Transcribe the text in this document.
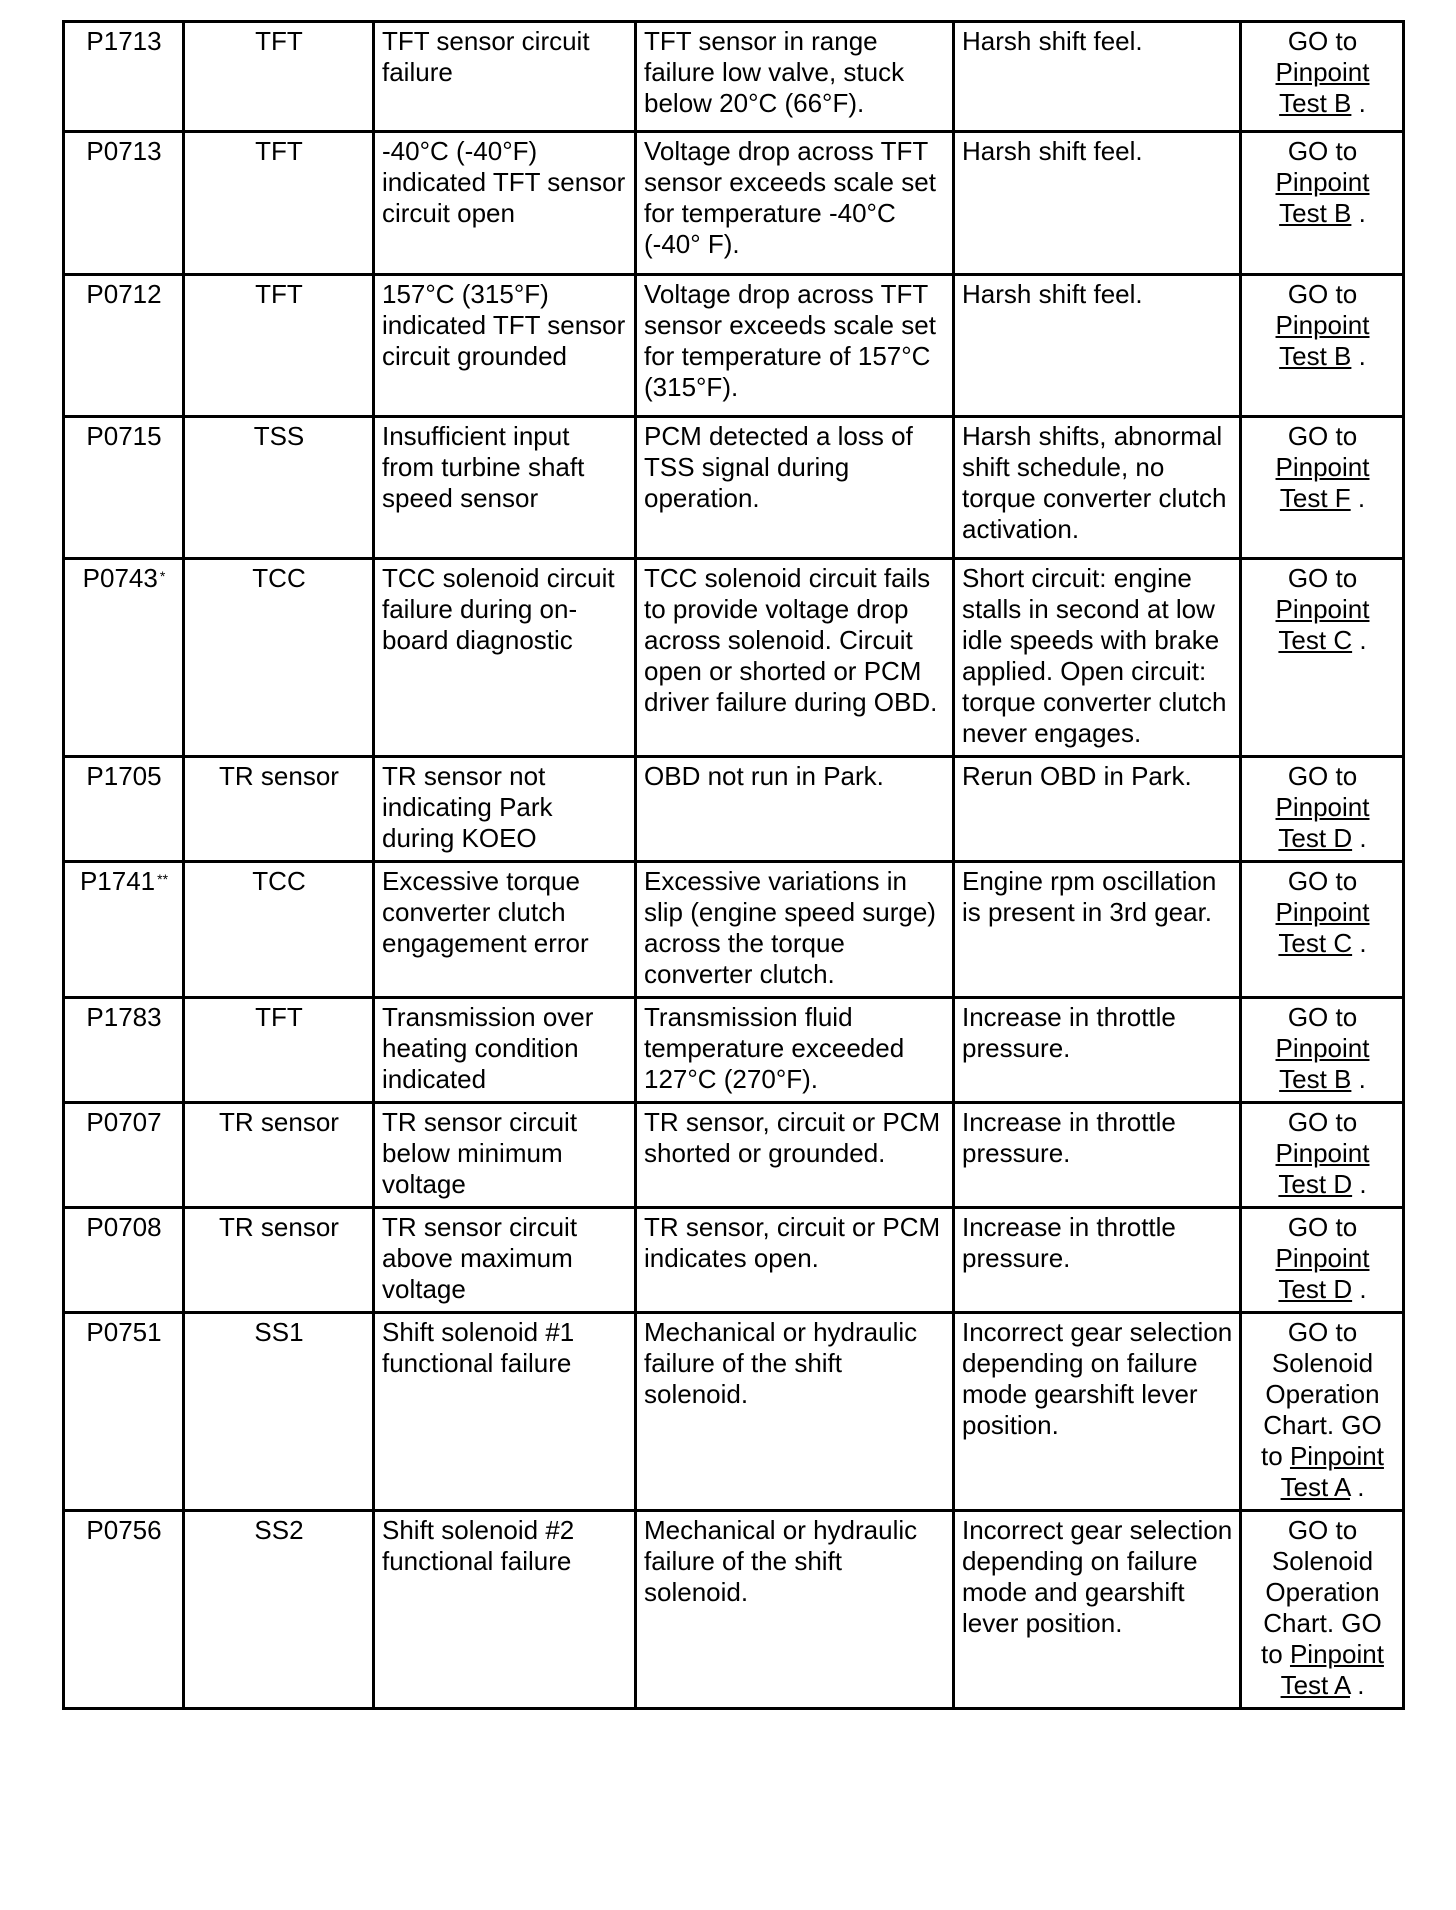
P1713	TFT	TFT sensor circuit failure	TFT sensor in range failure low valve, stuck below 20°C (66°F).	Harsh shift feel.	GO to Pinpoint Test B .
P0713	TFT	-40°C (-40°F) indicated TFT sensor circuit open	Voltage drop across TFT sensor exceeds scale set for temperature -40°C (-40° F).	Harsh shift feel.	GO to Pinpoint Test B .
P0712	TFT	157°C (315°F) indicated TFT sensor circuit grounded	Voltage drop across TFT sensor exceeds scale set for temperature of 157°C (315°F).	Harsh shift feel.	GO to Pinpoint Test B .
P0715	TSS	Insufficient input from turbine shaft speed sensor	PCM detected a loss of TSS signal during operation.	Harsh shifts, abnormal shift schedule, no torque converter clutch activation.	GO to Pinpoint Test F .
P0743 *	TCC	TCC solenoid circuit failure during on-board diagnostic	TCC solenoid circuit fails to provide voltage drop across solenoid. Circuit open or shorted or PCM driver failure during OBD.	Short circuit: engine stalls in second at low idle speeds with brake applied. Open circuit: torque converter clutch never engages.	GO to Pinpoint Test C .
P1705	TR sensor	TR sensor not indicating Park during KOEO	OBD not run in Park.	Rerun OBD in Park.	GO to Pinpoint Test D .
P1741 **	TCC	Excessive torque converter clutch engagement error	Excessive variations in slip (engine speed surge) across the torque converter clutch.	Engine rpm oscillation is present in 3rd gear.	GO to Pinpoint Test C .
P1783	TFT	Transmission over heating condition indicated	Transmission fluid temperature exceeded 127°C (270°F).	Increase in throttle pressure.	GO to Pinpoint Test B .
P0707	TR sensor	TR sensor circuit below minimum voltage	TR sensor, circuit or PCM shorted or grounded.	Increase in throttle pressure.	GO to Pinpoint Test D .
P0708	TR sensor	TR sensor circuit above maximum voltage	TR sensor, circuit or PCM indicates open.	Increase in throttle pressure.	GO to Pinpoint Test D .
P0751	SS1	Shift solenoid #1 functional failure	Mechanical or hydraulic failure of the shift solenoid.	Incorrect gear selection depending on failure mode gearshift lever position.	GO to Solenoid Operation Chart. GO to Pinpoint Test A .
P0756	SS2	Shift solenoid #2 functional failure	Mechanical or hydraulic failure of the shift solenoid.	Incorrect gear selection depending on failure mode and gearshift lever position.	GO to Solenoid Operation Chart. GO to Pinpoint Test A .
